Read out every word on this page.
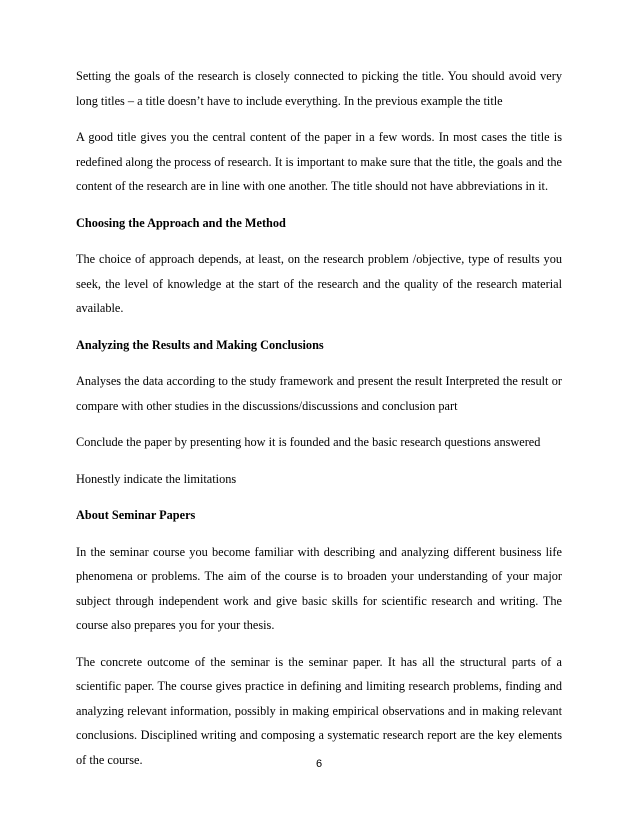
Setting the goals of the research is closely connected to picking the title. You should avoid very long titles – a title doesn’t have to include everything. In the previous example the title

A good title gives you the central content of the paper in a few words. In most cases the title is redefined along the process of research. It is important to make sure that the title, the goals and the content of the research are in line with one another. The title should not have abbreviations in it.

Choosing the Approach and the Method

The choice of approach depends, at least, on the research problem /objective, type of results you seek, the level of knowledge at the start of the research and the quality of the research material available.

Analyzing the Results and Making Conclusions

Analyses the data according to the study framework and present the result Interpreted the result or compare with other studies in the discussions/discussions and conclusion part

Conclude the paper by presenting how it is founded and the basic research questions answered

Honestly indicate the limitations

About Seminar Papers

In the seminar course you become familiar with describing and analyzing different business life phenomena or problems. The aim of the course is to broaden your understanding of your major subject through independent work and give basic skills for scientific research and writing. The course also prepares you for your thesis.

The concrete outcome of the seminar is the seminar paper. It has all the structural parts of a scientific paper. The course gives practice in defining and limiting research problems, finding and analyzing relevant information, possibly in making empirical observations and in making relevant conclusions. Disciplined writing and composing a systematic research report are the key elements of the course.	6
